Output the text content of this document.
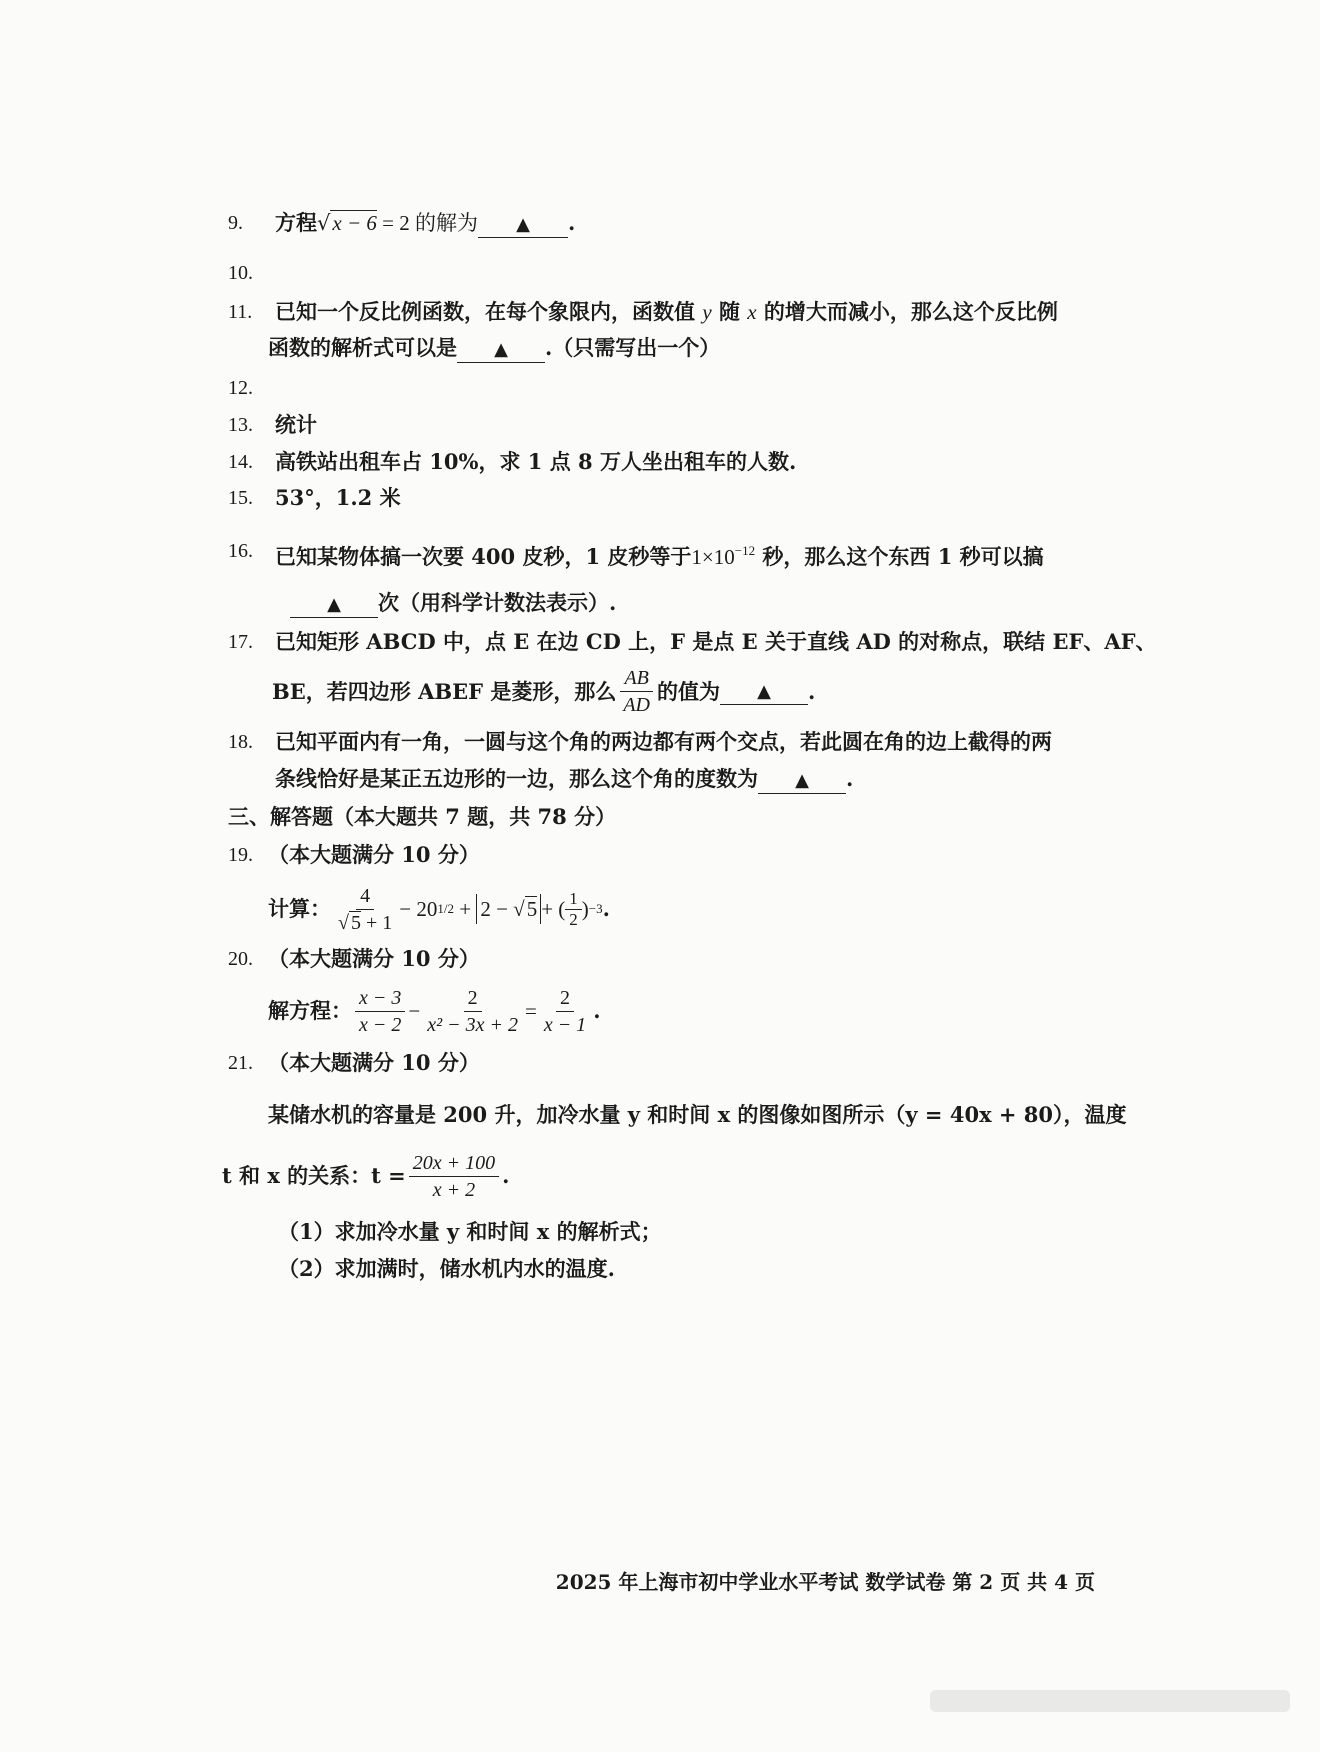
9. 方程√x − 6 = 2 的解为 ▲ .
10.
11. 已知一个反比例函数，在每个象限内，函数值 y 随 x 的增大而减小，那么这个反比例
函数的解析式可以是 ▲ .（只需写出一个）
12.
13. 统计
14. 高铁站出租车占 10%，求 1 点 8 万人坐出租车的人数.
15. 53°，1.2 米
16. 已知某物体搞一次要 400 皮秒，1 皮秒等于$1\times 10^{-12}$ 秒，那么这个东西 1 秒可以搞
▲ 次（用科学计数法表示）.
17. 已知矩形 ABCD 中，点 E 在边 CD 上，F 是点 E 关于直线 AD 的对称点，联结 EF、AF、
BE，若四边形 ABEF 是菱形，那么 $\frac{AB}{AD}$ 的值为	▲	.
18. 已知平面内有一角，一圆与这个角的两边都有两个交点，若此圆在角的边上截得的两
条线恰好是某正五边形的一边，那么这个角的度数为 ▲ .
三、解答题（本大题共 7 题，共 78 分）
19. （本大题满分 10 分）
计算： $\frac{4}{√ 5 + 1} - 20$ 1/2 + 2 − √5 + ( $\frac{1}{2}$ ) −3 .
20. （本大题满分 10 分）
解方程： $\frac{x - 3}{x - 2} - \frac{2}{\text{x² − 3x + 2}} = \frac{2}{x - 1}$ .
21. （本大题满分 10 分）
某储水机的容量是 200 升，加冷水量 y 和时间 x 的图像如图所示（y = 40x + 80），温度
t 和 x 的关系：$t = \frac{20x + 100}{x + 2}$ .
（1）求加冷水量 y 和时间 x 的解析式；
（2）求加满时，储水机内水的温度.
2025 年上海市初中学业水平考试 数学试卷 第 2 页 共 4 页
